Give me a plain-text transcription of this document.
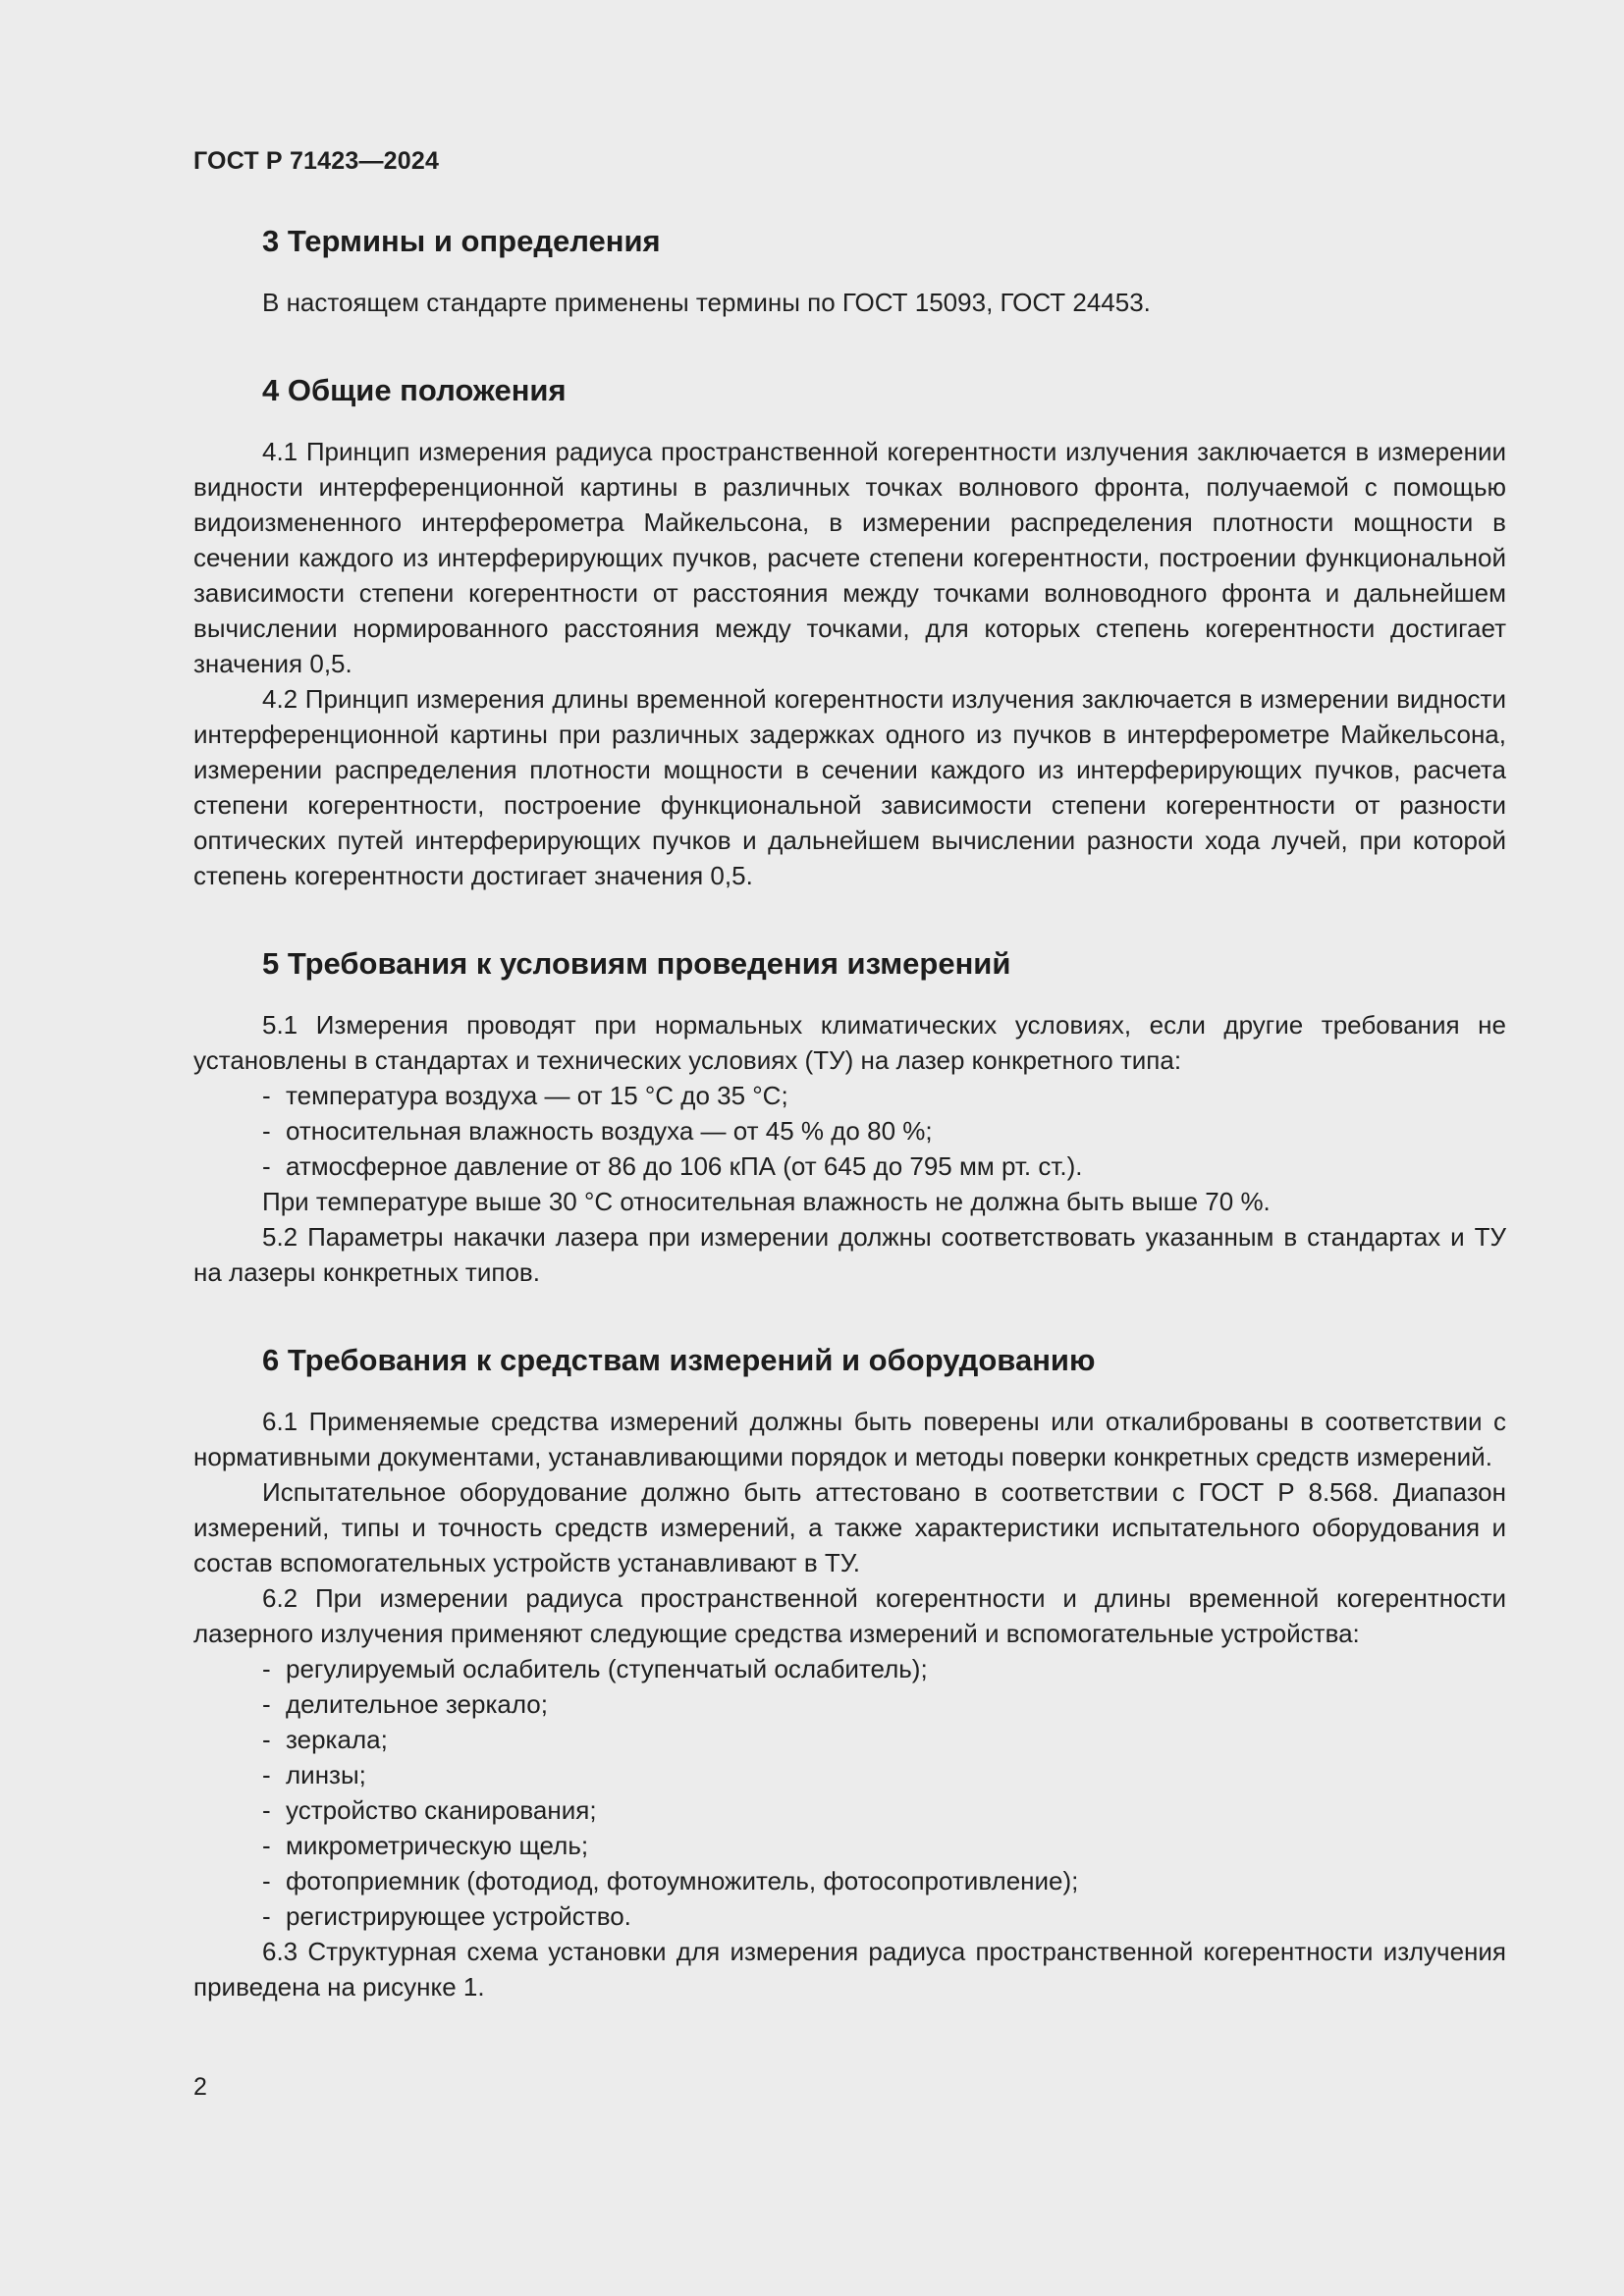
ГОСТ Р 71423—2024
3 Термины и определения

В настоящем стандарте применены термины по ГОСТ 15093, ГОСТ 24453.

4 Общие положения

4.1 Принцип измерения радиуса пространственной когерентности излучения заключается в измерении видности интерференционной картины в различных точках волнового фронта, получаемой с помощью видоизмененного интерферометра Майкельсона, в измерении распределения плотности мощности в сечении каждого из интерферирующих пучков, расчете степени когерентности, построении функциональной зависимости степени когерентности от расстояния между точками волноводного фронта и дальнейшем вычислении нормированного расстояния между точками, для которых степень когерентности достигает значения 0,5.

4.2 Принцип измерения длины временной когерентности излучения заключается в измерении видности интерференционной картины при различных задержках одного из пучков в интерферометре Майкельсона, измерении распределения плотности мощности в сечении каждого из интерферирующих пучков, расчета степени когерентности, построение функциональной зависимости степени когерентности от разности оптических путей интерферирующих пучков и дальнейшем вычислении разности хода лучей, при которой степень когерентности достигает значения 0,5.

5 Требования к условиям проведения измерений

5.1 Измерения проводят при нормальных климатических условиях, если другие требования не установлены в стандартах и технических условиях (ТУ) на лазер конкретного типа:

- температура воздуха — от 15 °С до 35 °С;

- относительная влажность воздуха — от 45 % до 80 %;

- атмосферное давление от 86 до 106 кПА (от 645 до 795 мм рт. ст.).

При температуре выше 30 °С относительная влажность не должна быть выше 70 %.

5.2 Параметры накачки лазера при измерении должны соответствовать указанным в стандартах и ТУ на лазеры конкретных типов.

6 Требования к средствам измерений и оборудованию

6.1 Применяемые средства измерений должны быть поверены или откалиброваны в соответствии с нормативными документами, устанавливающими порядок и методы поверки конкретных средств измерений.

Испытательное оборудование должно быть аттестовано в соответствии с ГОСТ Р 8.568. Диапазон измерений, типы и точность средств измерений, а также характеристики испытательного оборудования и состав вспомогательных устройств устанавливают в ТУ.

6.2 При измерении радиуса пространственной когерентности и длины временной когерентности лазерного излучения применяют следующие средства измерений и вспомогательные устройства:

- регулируемый ослабитель (ступенчатый ослабитель);

- делительное зеркало;

- зеркала;

- линзы;

- устройство сканирования;

- микрометрическую щель;

- фотоприемник (фотодиод, фотоумножитель, фотосопротивление);

- регистрирующее устройство.

6.3 Структурная схема установки для измерения радиуса пространственной когерентности излучения приведена на рисунке 1.

2
